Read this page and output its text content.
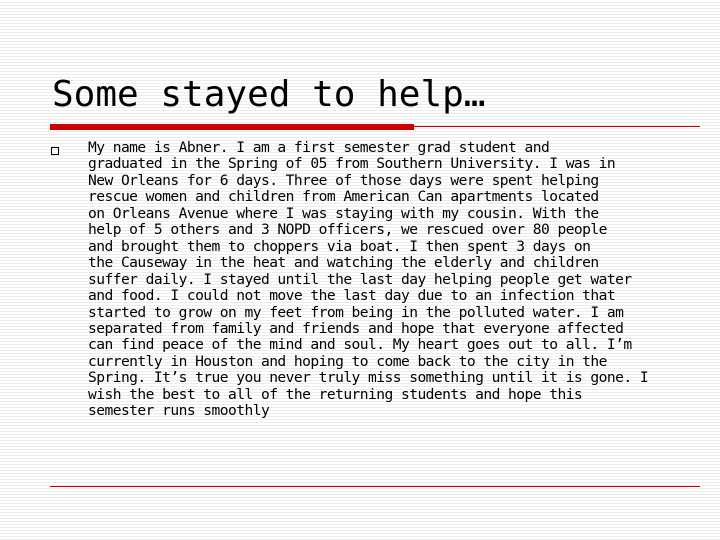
Some stayed to help…

My name is Abner. I am a first semester grad student and
graduated in the Spring of 05 from Southern University. I was in
New Orleans for 6 days. Three of those days were spent helping
rescue women and children from American Can apartments located
on Orleans Avenue where I was staying with my cousin. With the
help of 5 others and 3 NOPD officers, we rescued over 80 people
and brought them to choppers via boat. I then spent 3 days on
the Causeway in the heat and watching the elderly and children
suffer daily. I stayed until the last day helping people get water
and food. I could not move the last day due to an infection that
started to grow on my feet from being in the polluted water. I am
separated from family and friends and hope that everyone affected
can find peace of the mind and soul. My heart goes out to all. I’m
currently in Houston and hoping to come back to the city in the
Spring. It’s true you never truly miss something until it is gone. I
wish the best to all of the returning students and hope this
semester runs smoothly
